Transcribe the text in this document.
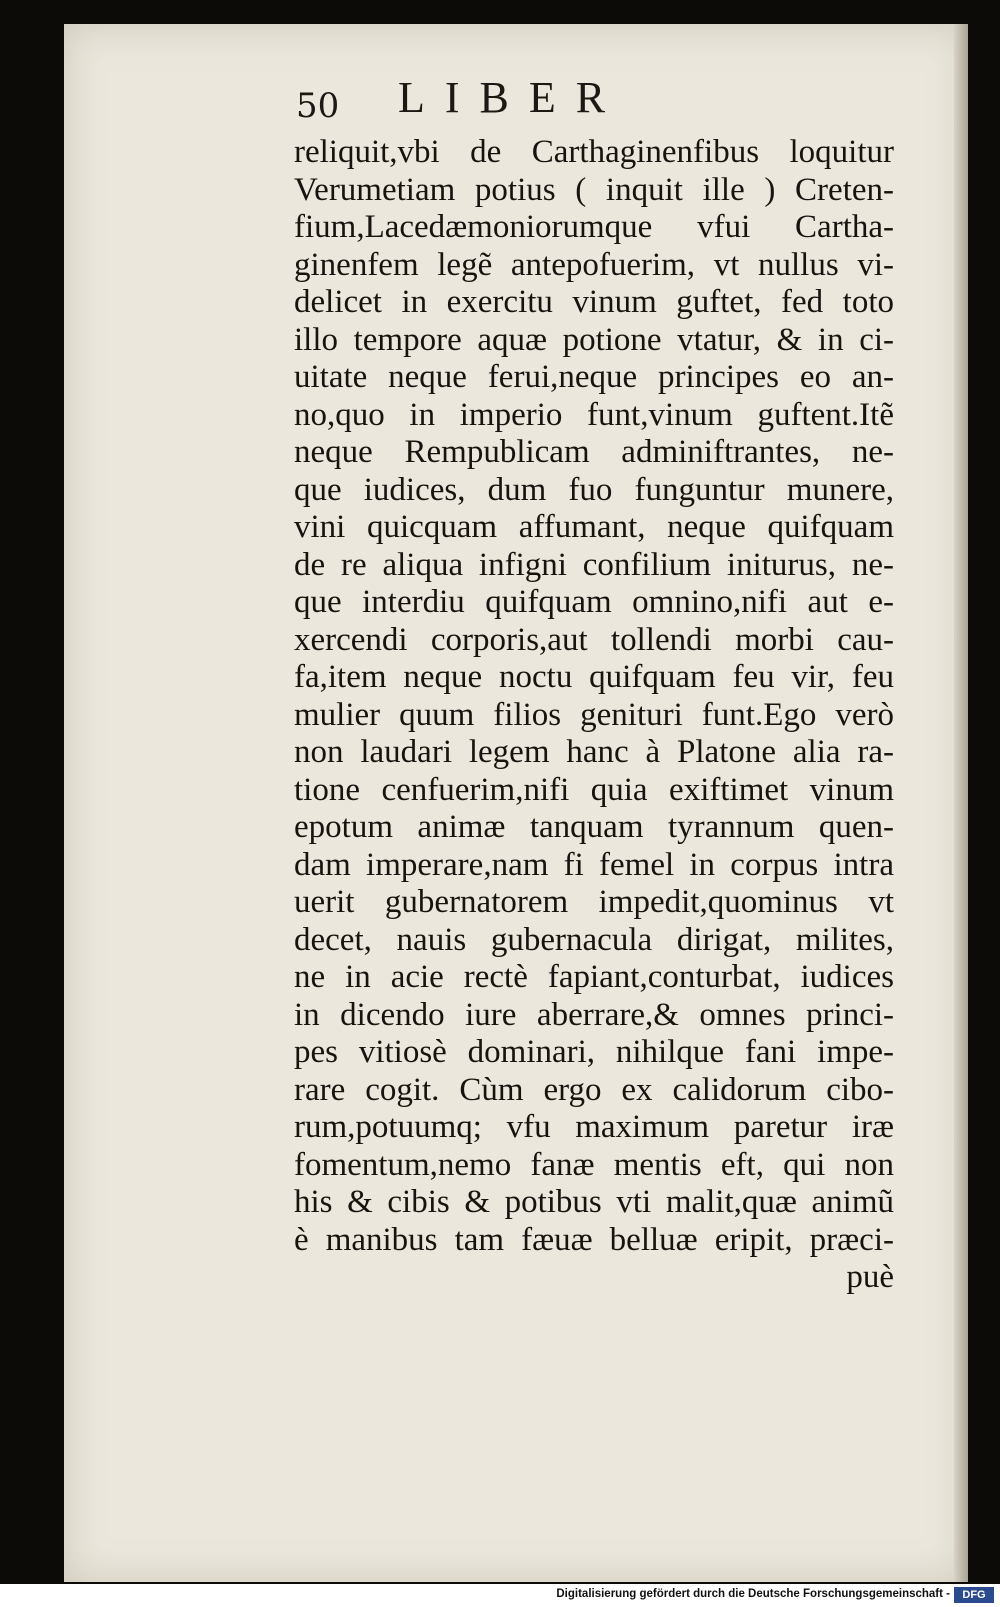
50 LIBER
reliquit,vbi de Carthaginenfibus loquitur
Verumetiam potius ( inquit ille ) Creten-
fium,Lacedæmoniorumque vfui Cartha-
ginenfem legẽ antepofuerim, vt nullus vi-
delicet in exercitu vinum guftet, fed toto
illo tempore aquæ potione vtatur, & in ci-
uitate neque ferui,neque principes eo an-
no,quo in imperio funt,vinum guftent.Itẽ
neque Rempublicam adminiftrantes, ne-
que iudices, dum fuo funguntur munere,
vini quicquam affumant, neque quifquam
de re aliqua infigni confilium initurus, ne-
que interdiu quifquam omnino,nifi aut e-
xercendi corporis,aut tollendi morbi cau-
fa,item neque noctu quifquam feu vir, feu
mulier quum filios genituri funt.Ego verò
non laudari legem hanc à Platone alia ra-
tione cenfuerim,nifi quia exiftimet vinum
epotum animæ tanquam tyrannum quen-
dam imperare,nam fi femel in corpus intra
uerit gubernatorem impedit,quominus vt
decet, nauis gubernacula dirigat, milites,
ne in acie rectè fapiant,conturbat, iudices
in dicendo iure aberrare,& omnes princi-
pes vitiosè dominari, nihilque fani impe-
rare cogit. Cùm ergo ex calidorum cibo-
rum,potuumq; vfu maximum paretur iræ
fomentum,nemo fanæ mentis eft, qui non
his & cibis & potibus vti malit,quæ animũ
è manibus tam fæuæ belluæ eripit, præci-
puè
Digitalisierung gefördert durch die Deutsche Forschungsgemeinschaft -	DFG
